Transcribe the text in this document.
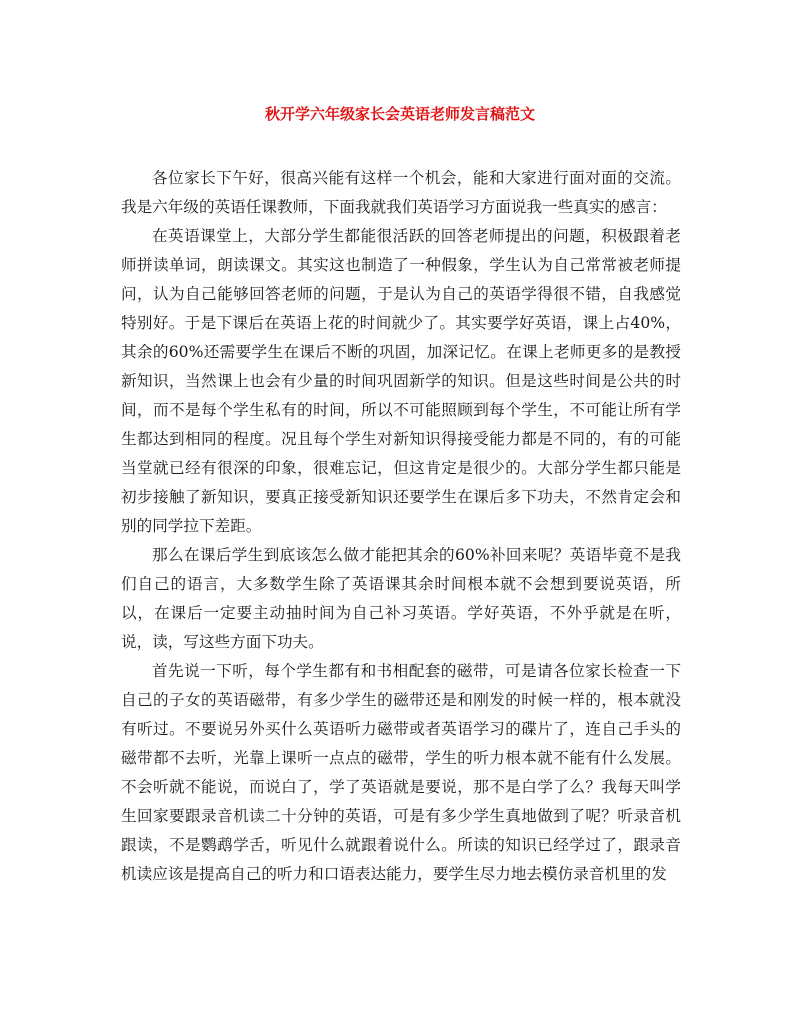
秋开学六年级家长会英语老师发言稿范文

各位家长下午好，很高兴能有这样一个机会，能和大家进行面对面的交流。我是六年级的英语任课教师，下面我就我们英语学习方面说我一些真实的感言：

在英语课堂上，大部分学生都能很活跃的回答老师提出的问题，积极跟着老师拼读单词，朗读课文。其实这也制造了一种假象，学生认为自己常常被老师提问，认为自己能够回答老师的问题，于是认为自己的英语学得很不错，自我感觉特别好。于是下课后在英语上花的时间就少了。其实要学好英语，课上占40%，其余的60%还需要学生在课后不断的巩固，加深记忆。在课上老师更多的是教授新知识，当然课上也会有少量的时间巩固新学的知识。但是这些时间是公共的时间，而不是每个学生私有的时间，所以不可能照顾到每个学生，不可能让所有学生都达到相同的程度。况且每个学生对新知识得接受能力都是不同的，有的可能当堂就已经有很深的印象，很难忘记，但这肯定是很少的。大部分学生都只能是初步接触了新知识，要真正接受新知识还要学生在课后多下功夫，不然肯定会和别的同学拉下差距。

那么在课后学生到底该怎么做才能把其余的60%补回来呢？英语毕竟不是我们自己的语言，大多数学生除了英语课其余时间根本就不会想到要说英语，所以，在课后一定要主动抽时间为自己补习英语。学好英语，不外乎就是在听，说，读，写这些方面下功夫。

首先说一下听，每个学生都有和书相配套的磁带，可是请各位家长检查一下自己的子女的英语磁带，有多少学生的磁带还是和刚发的时候一样的，根本就没有听过。不要说另外买什么英语听力磁带或者英语学习的碟片了，连自己手头的磁带都不去听，光靠上课听一点点的磁带，学生的听力根本就不能有什么发展。不会听就不能说，而说白了，学了英语就是要说，那不是白学了么？我每天叫学生回家要跟录音机读二十分钟的英语，可是有多少学生真地做到了呢？听录音机跟读，不是鹦鹉学舌，听见什么就跟着说什么。所读的知识已经学过了，跟录音机读应该是提高自己的听力和口语表达能力，要学生尽力地去模仿录音机里的发
